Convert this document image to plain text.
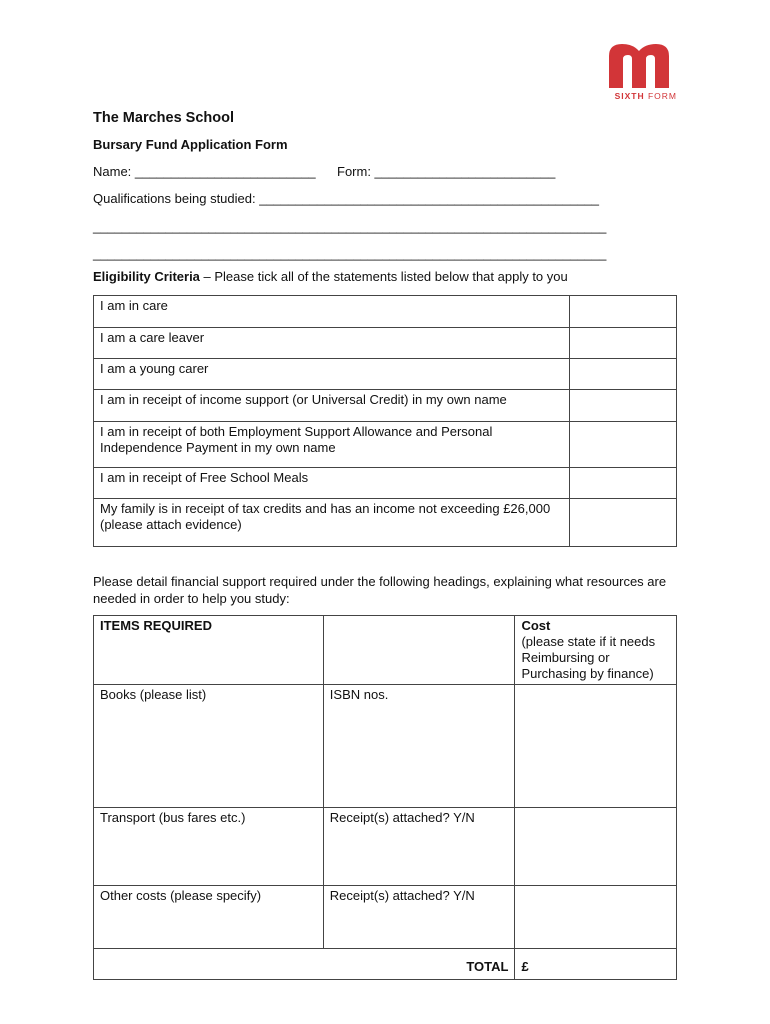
SIXTH FORM
The Marches School
Bursary Fund Application Form
Name: _________________________ Form: _________________________
Qualifications being studied: _______________________________________________
_______________________________________________________________________
_______________________________________________________________________
Eligibility Criteria – Please tick all of the statements listed below that apply to you
I am in care	
I am a care leaver	
I am a young carer	
I am in receipt of income support (or Universal Credit) in my own name	
I am in receipt of both Employment Support Allowance and Personal Independence Payment in my own name	
I am in receipt of Free School Meals	
My family is in receipt of tax credits and has an income not exceeding £26,000 (please attach evidence)	
Please detail financial support required under the following headings, explaining what resources are needed in order to help you study:
ITEMS REQUIRED		Cost
(please state if it needs Reimbursing or Purchasing by finance)

Books (please list)	ISBN nos.	
Transport (bus fares etc.)	Receipt(s) attached? Y/N	
Other costs (please specify)	Receipt(s) attached? Y/N	
TOTAL		£
